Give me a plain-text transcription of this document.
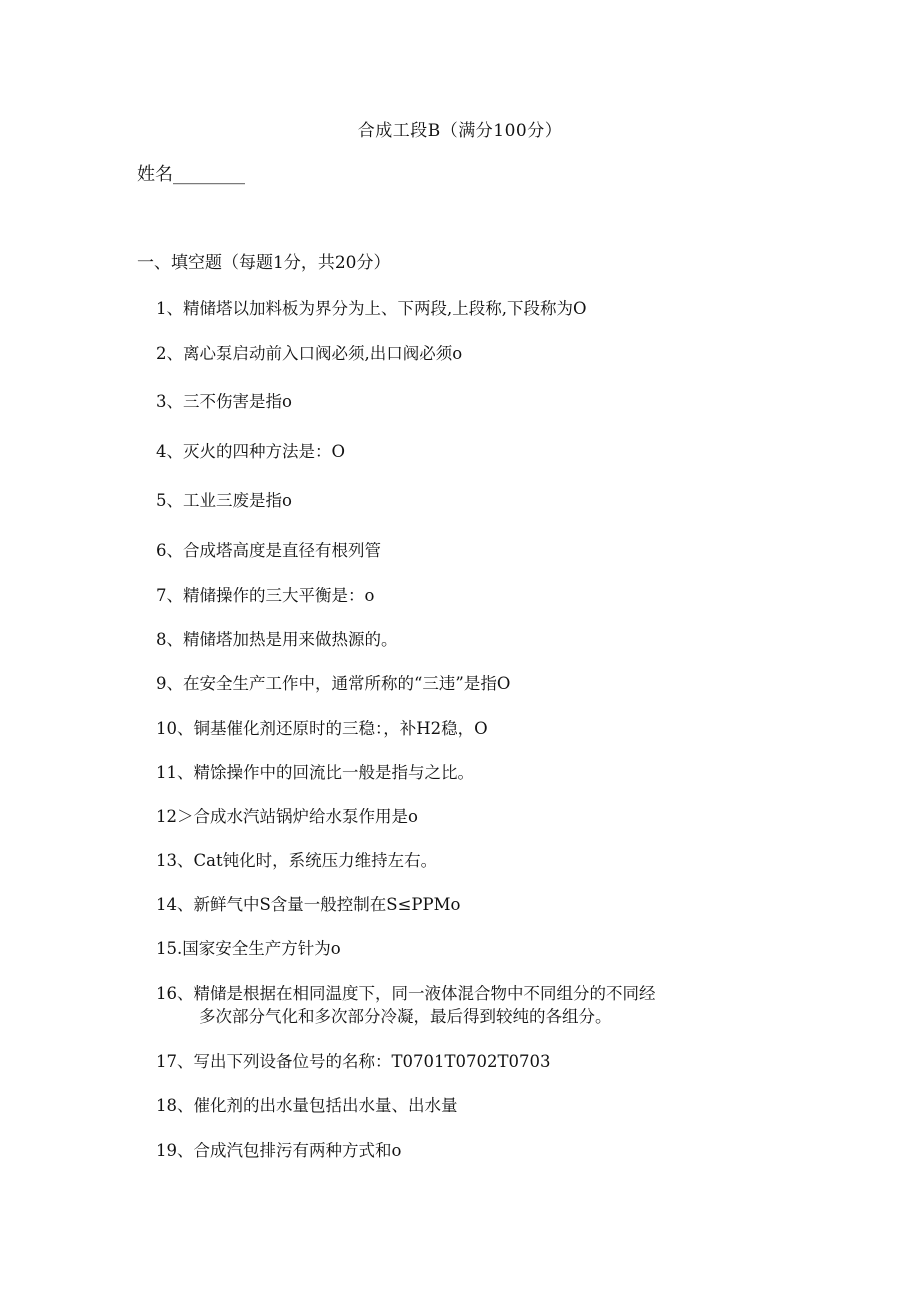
合成工段B（满分100分）
姓名________
一、填空题（每题1分，共20分）
1、精储塔以加料板为界分为上、下两段,上段称,下段称为O
2、离心泵启动前入口阀必须,出口阀必须o
3、三不伤害是指o
4、灭火的四种方法是：O
5、工业三废是指o
6、合成塔高度是直径有根列管
7、精储操作的三大平衡是：o
8、精储塔加热是用来做热源的。
9、在安全生产工作中，通常所称的“三违”是指O
10、铜基催化剂还原时的三稳：，补H2稳，O
11、精馀操作中的回流比一般是指与之比。
12＞合成水汽站锅炉给水泵作用是o
13、Cat钝化时，系统压力维持左右。
14、新鲜气中S含量一般控制在S≤PPMo
15.国家安全生产方针为o
16、精储是根据在相同温度下，同一液体混合物中不同组分的不同经
多次部分气化和多次部分冷凝，最后得到较纯的各组分。
17、写出下列设备位号的名称：T0701T0702T0703
18、催化剂的出水量包括出水量、出水量
19、合成汽包排污有两种方式和o
